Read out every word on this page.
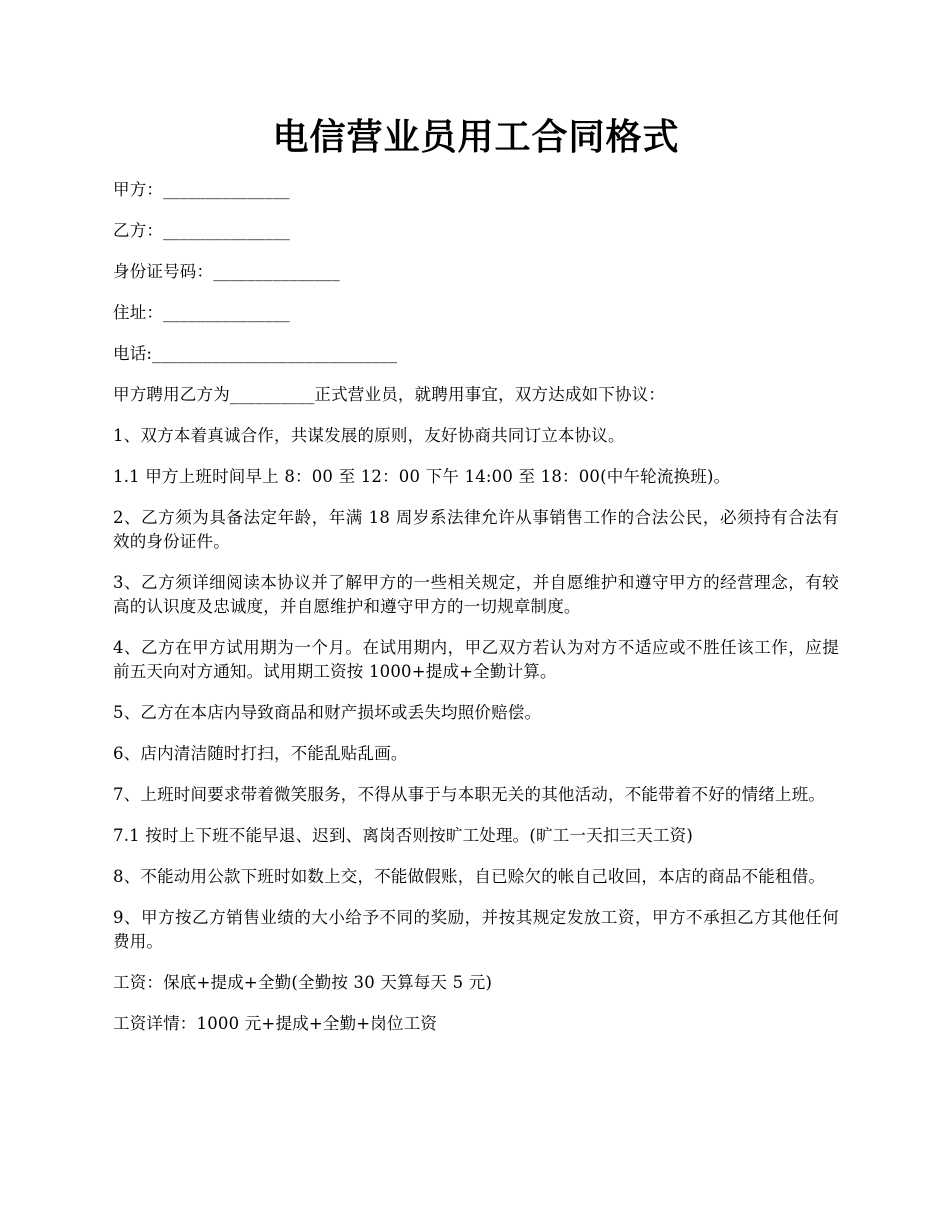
电信营业员用工合同格式

甲方：_______________

乙方：_______________

身份证号码：_______________

住址：_______________

电话:_____________________________

甲方聘用乙方为__________正式营业员，就聘用事宜，双方达成如下协议：

1、双方本着真诚合作，共谋发展的原则，友好协商共同订立本协议。

1.1 甲方上班时间早上 8：00 至 12：00 下午 14:00 至 18：00(中午轮流换班)。

2、乙方须为具备法定年龄，年满 18 周岁系法律允许从事销售工作的合法公民，必须持有合法有效的身份证件。

3、乙方须详细阅读本协议并了解甲方的一些相关规定，并自愿维护和遵守甲方的经营理念，有较高的认识度及忠诚度，并自愿维护和遵守甲方的一切规章制度。

4、乙方在甲方试用期为一个月。在试用期内，甲乙双方若认为对方不适应或不胜任该工作，应提前五天向对方通知。试用期工资按 1000+提成+全勤计算。

5、乙方在本店内导致商品和财产损坏或丢失均照价赔偿。

6、店内清洁随时打扫，不能乱贴乱画。

7、上班时间要求带着微笑服务，不得从事于与本职无关的其他活动，不能带着不好的情绪上班。

7.1 按时上下班不能早退、迟到、离岗否则按旷工处理。(旷工一天扣三天工资)

8、不能动用公款下班时如数上交，不能做假账，自已赊欠的帐自己收回，本店的商品不能租借。

9、甲方按乙方销售业绩的大小给予不同的奖励，并按其规定发放工资，甲方不承担乙方其他任何费用。

工资：保底+提成+全勤(全勤按 30 天算每天 5 元)

工资详情：1000 元+提成+全勤+岗位工资
